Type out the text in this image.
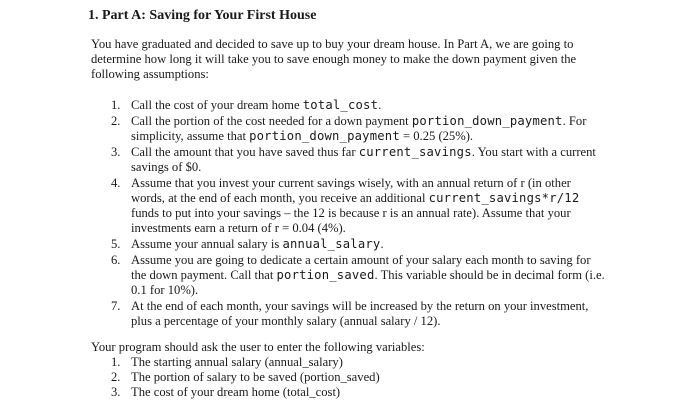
1. Part A: Saving for Your First House
You have graduated and decided to save up to buy your dream house. In Part A, we are going to determine how long it will take you to save enough money to make the down payment given the following assumptions:
1. Call the cost of your dream home total_cost.
2. Call the portion of the cost needed for a down payment portion_down_payment. For simplicity, assume that portion_down_payment = 0.25 (25%).
3. Call the amount that you have saved thus far current_savings. You start with a current savings of $0.
4. Assume that you invest your current savings wisely, with an annual return of r (in other words, at the end of each month, you receive an additional current_savings*r/12 funds to put into your savings – the 12 is because r is an annual rate). Assume that your investments earn a return of r = 0.04 (4%).
5. Assume your annual salary is annual_salary.
6. Assume you are going to dedicate a certain amount of your salary each month to saving for the down payment. Call that portion_saved. This variable should be in decimal form (i.e. 0.1 for 10%).
7. At the end of each month, your savings will be increased by the return on your investment, plus a percentage of your monthly salary (annual salary / 12).
Your program should ask the user to enter the following variables:
1. The starting annual salary (annual_salary)
2. The portion of salary to be saved (portion_saved)
3. The cost of your dream home (total_cost)
